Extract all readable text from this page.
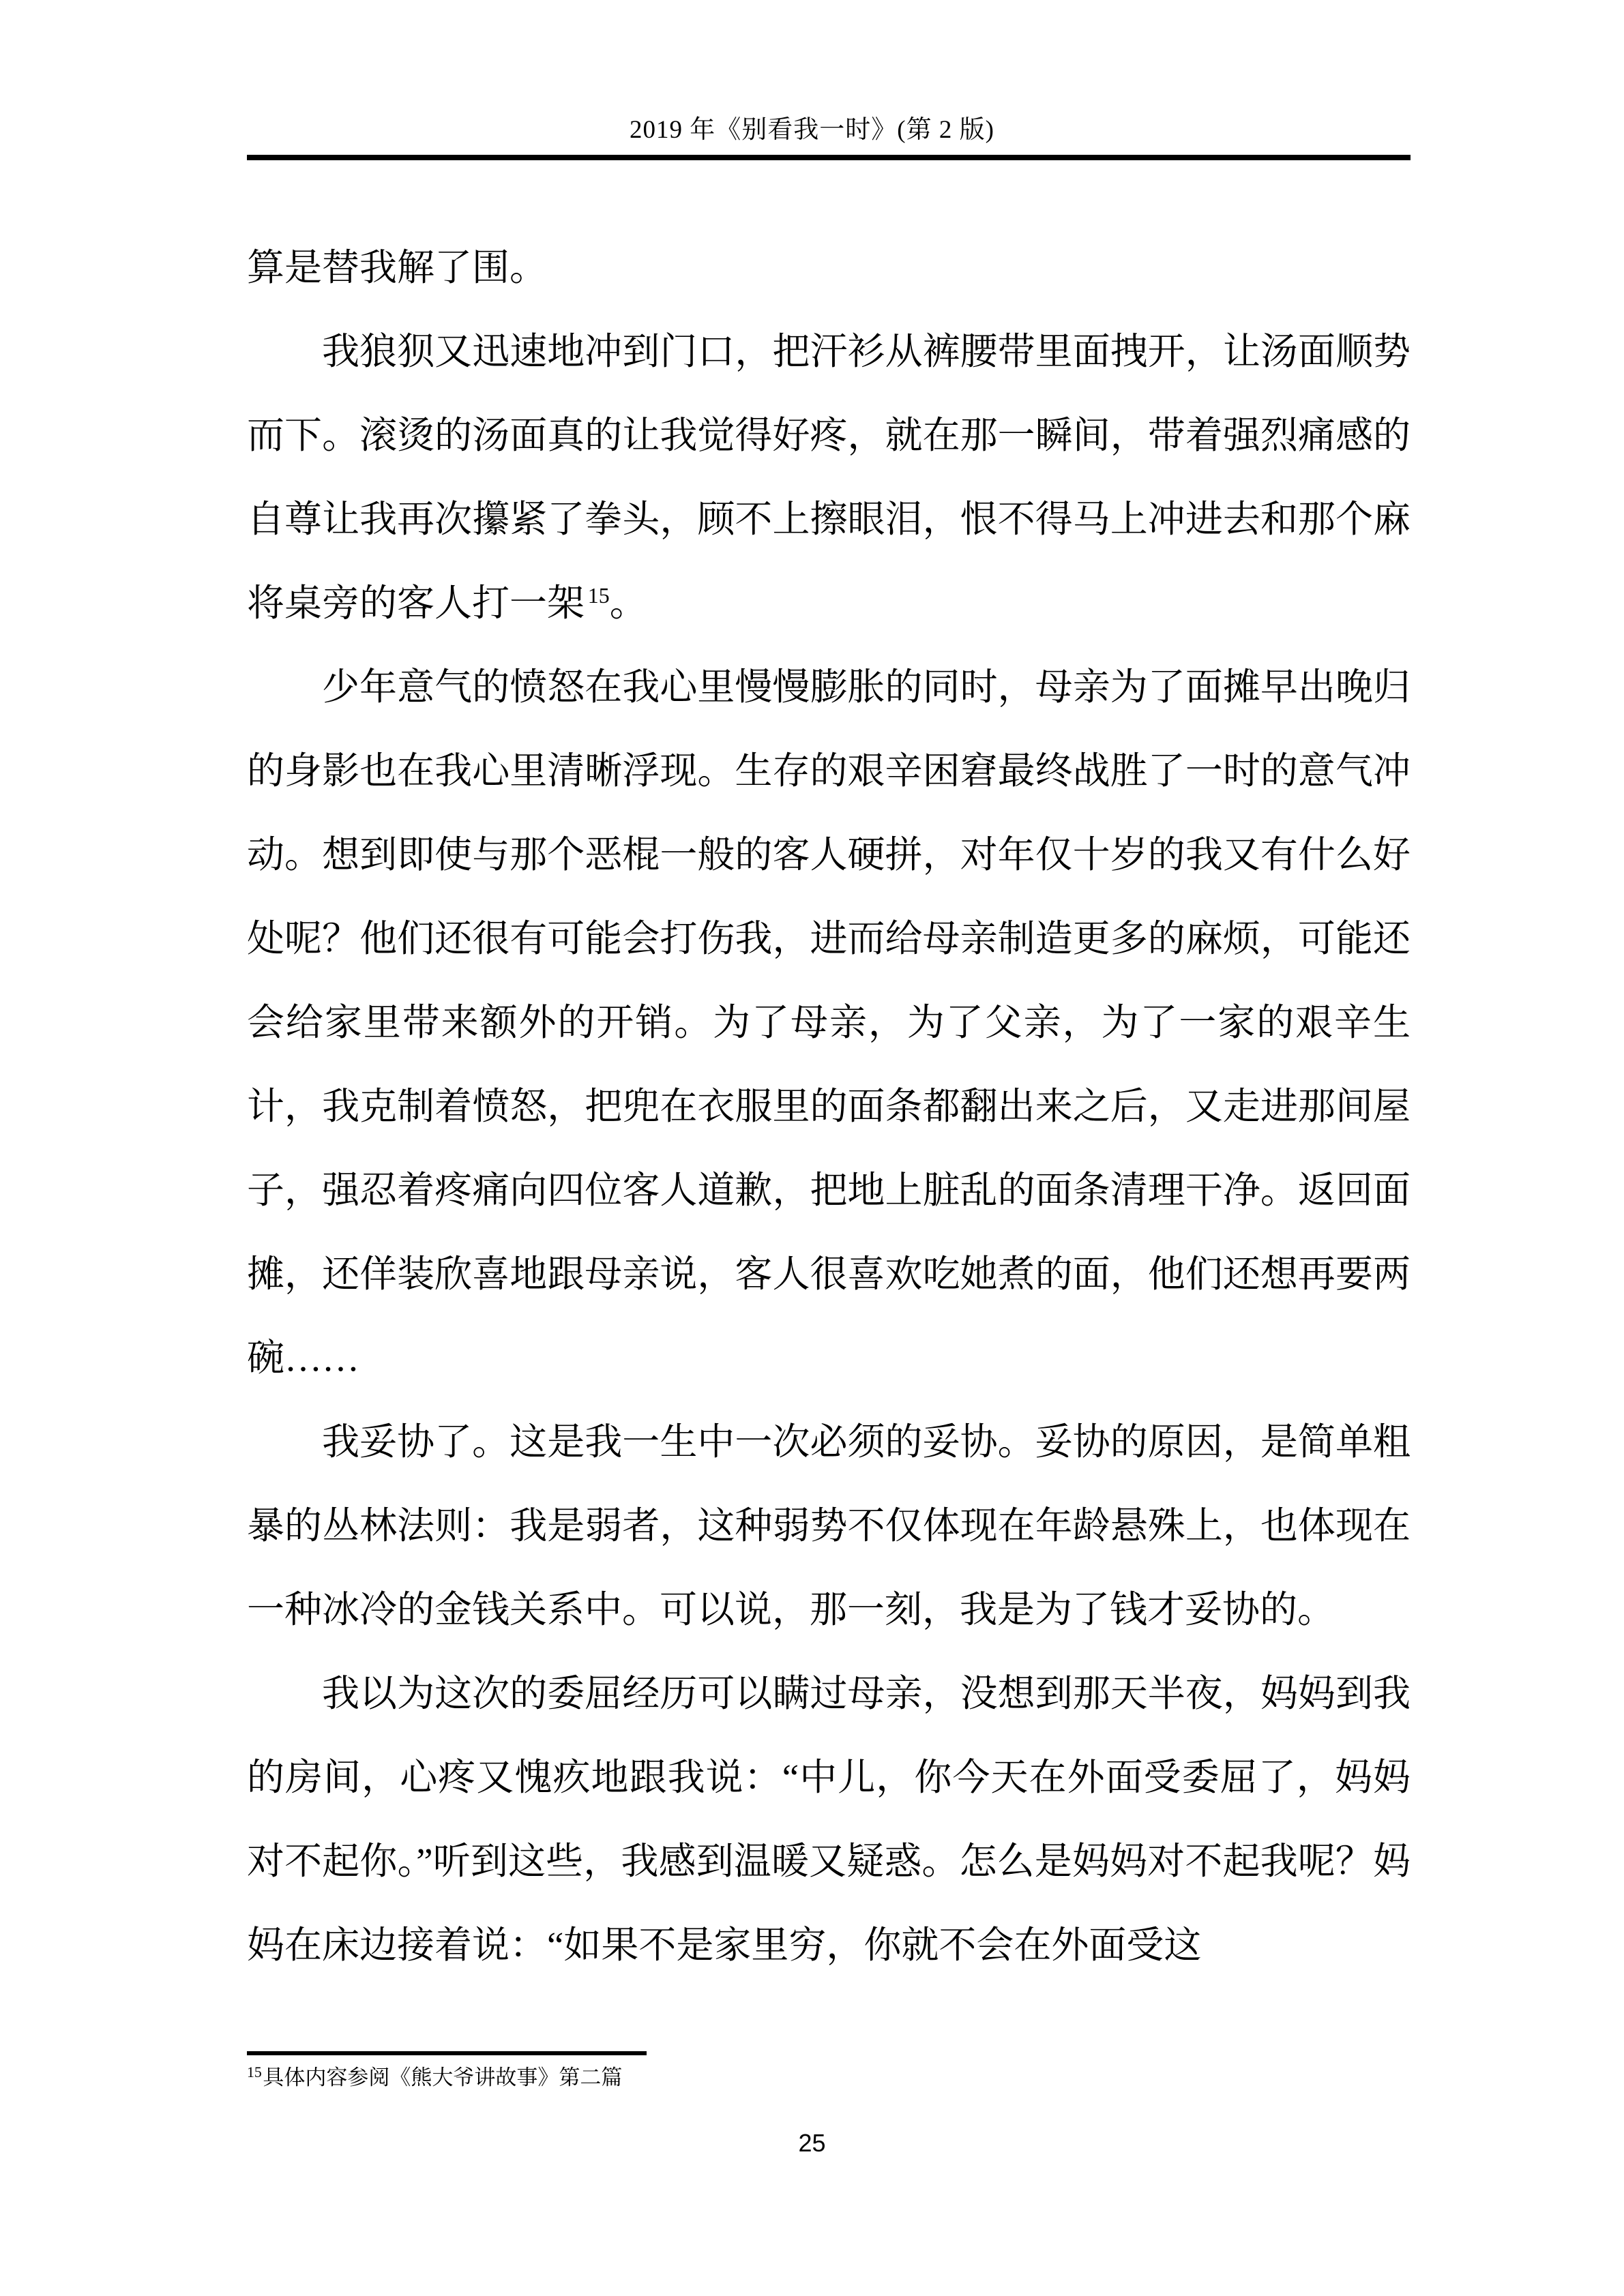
2019 年《别看我一时》(第 2 版)

算是替我解了围。

我狼狈又迅速地冲到门口，把汗衫从裤腰带里面拽开，让汤面顺势而下。滚烫的汤面真的让我觉得好疼，就在那一瞬间，带着强烈痛感的自尊让我再次攥紧了拳头，顾不上擦眼泪，恨不得马上冲进去和那个麻将桌旁的客人打一架 $^{15}$。

少年意气的愤怒在我心里慢慢膨胀的同时，母亲为了面摊早出晚归的身影也在我心里清晰浮现。生存的艰辛困窘最终战胜了一时的意气冲动。想到即使与那个恶棍一般的客人硬拼，对年仅十岁的我又有什么好处呢？他们还很有可能会打伤我，进而给母亲制造更多的麻烦，可能还会给家里带来额外的开销。为了母亲，为了父亲，为了一家的艰辛生计，我克制着愤怒，把兜在衣服里的面条都翻出来之后，又走进那间屋子，强忍着疼痛向四位客人道歉，把地上脏乱的面条清理干净。返回面摊，还佯装欣喜地跟母亲说，客人很喜欢吃她煮的面，他们还想再要两碗……

我妥协了。这是我一生中一次必须的妥协。妥协的原因，是简单粗暴的丛林法则：我是弱者，这种弱势不仅体现在年龄悬殊上，也体现在一种冰冷的金钱关系中。可以说，那一刻，我是为了钱才妥协的。

我以为这次的委屈经历可以瞒过母亲，没想到那天半夜，妈妈到我的房间，心疼又愧疚地跟我说：“中儿，你今天在外面受委屈了，妈妈对不起你。”听到这些，我感到温暖又疑惑。怎么是妈妈对不起我呢？妈妈在床边接着说：“如果不是家里穷，你就不会在外面受这

$^{15}$具体内容参阅《熊大爷讲故事》第二篇
25
